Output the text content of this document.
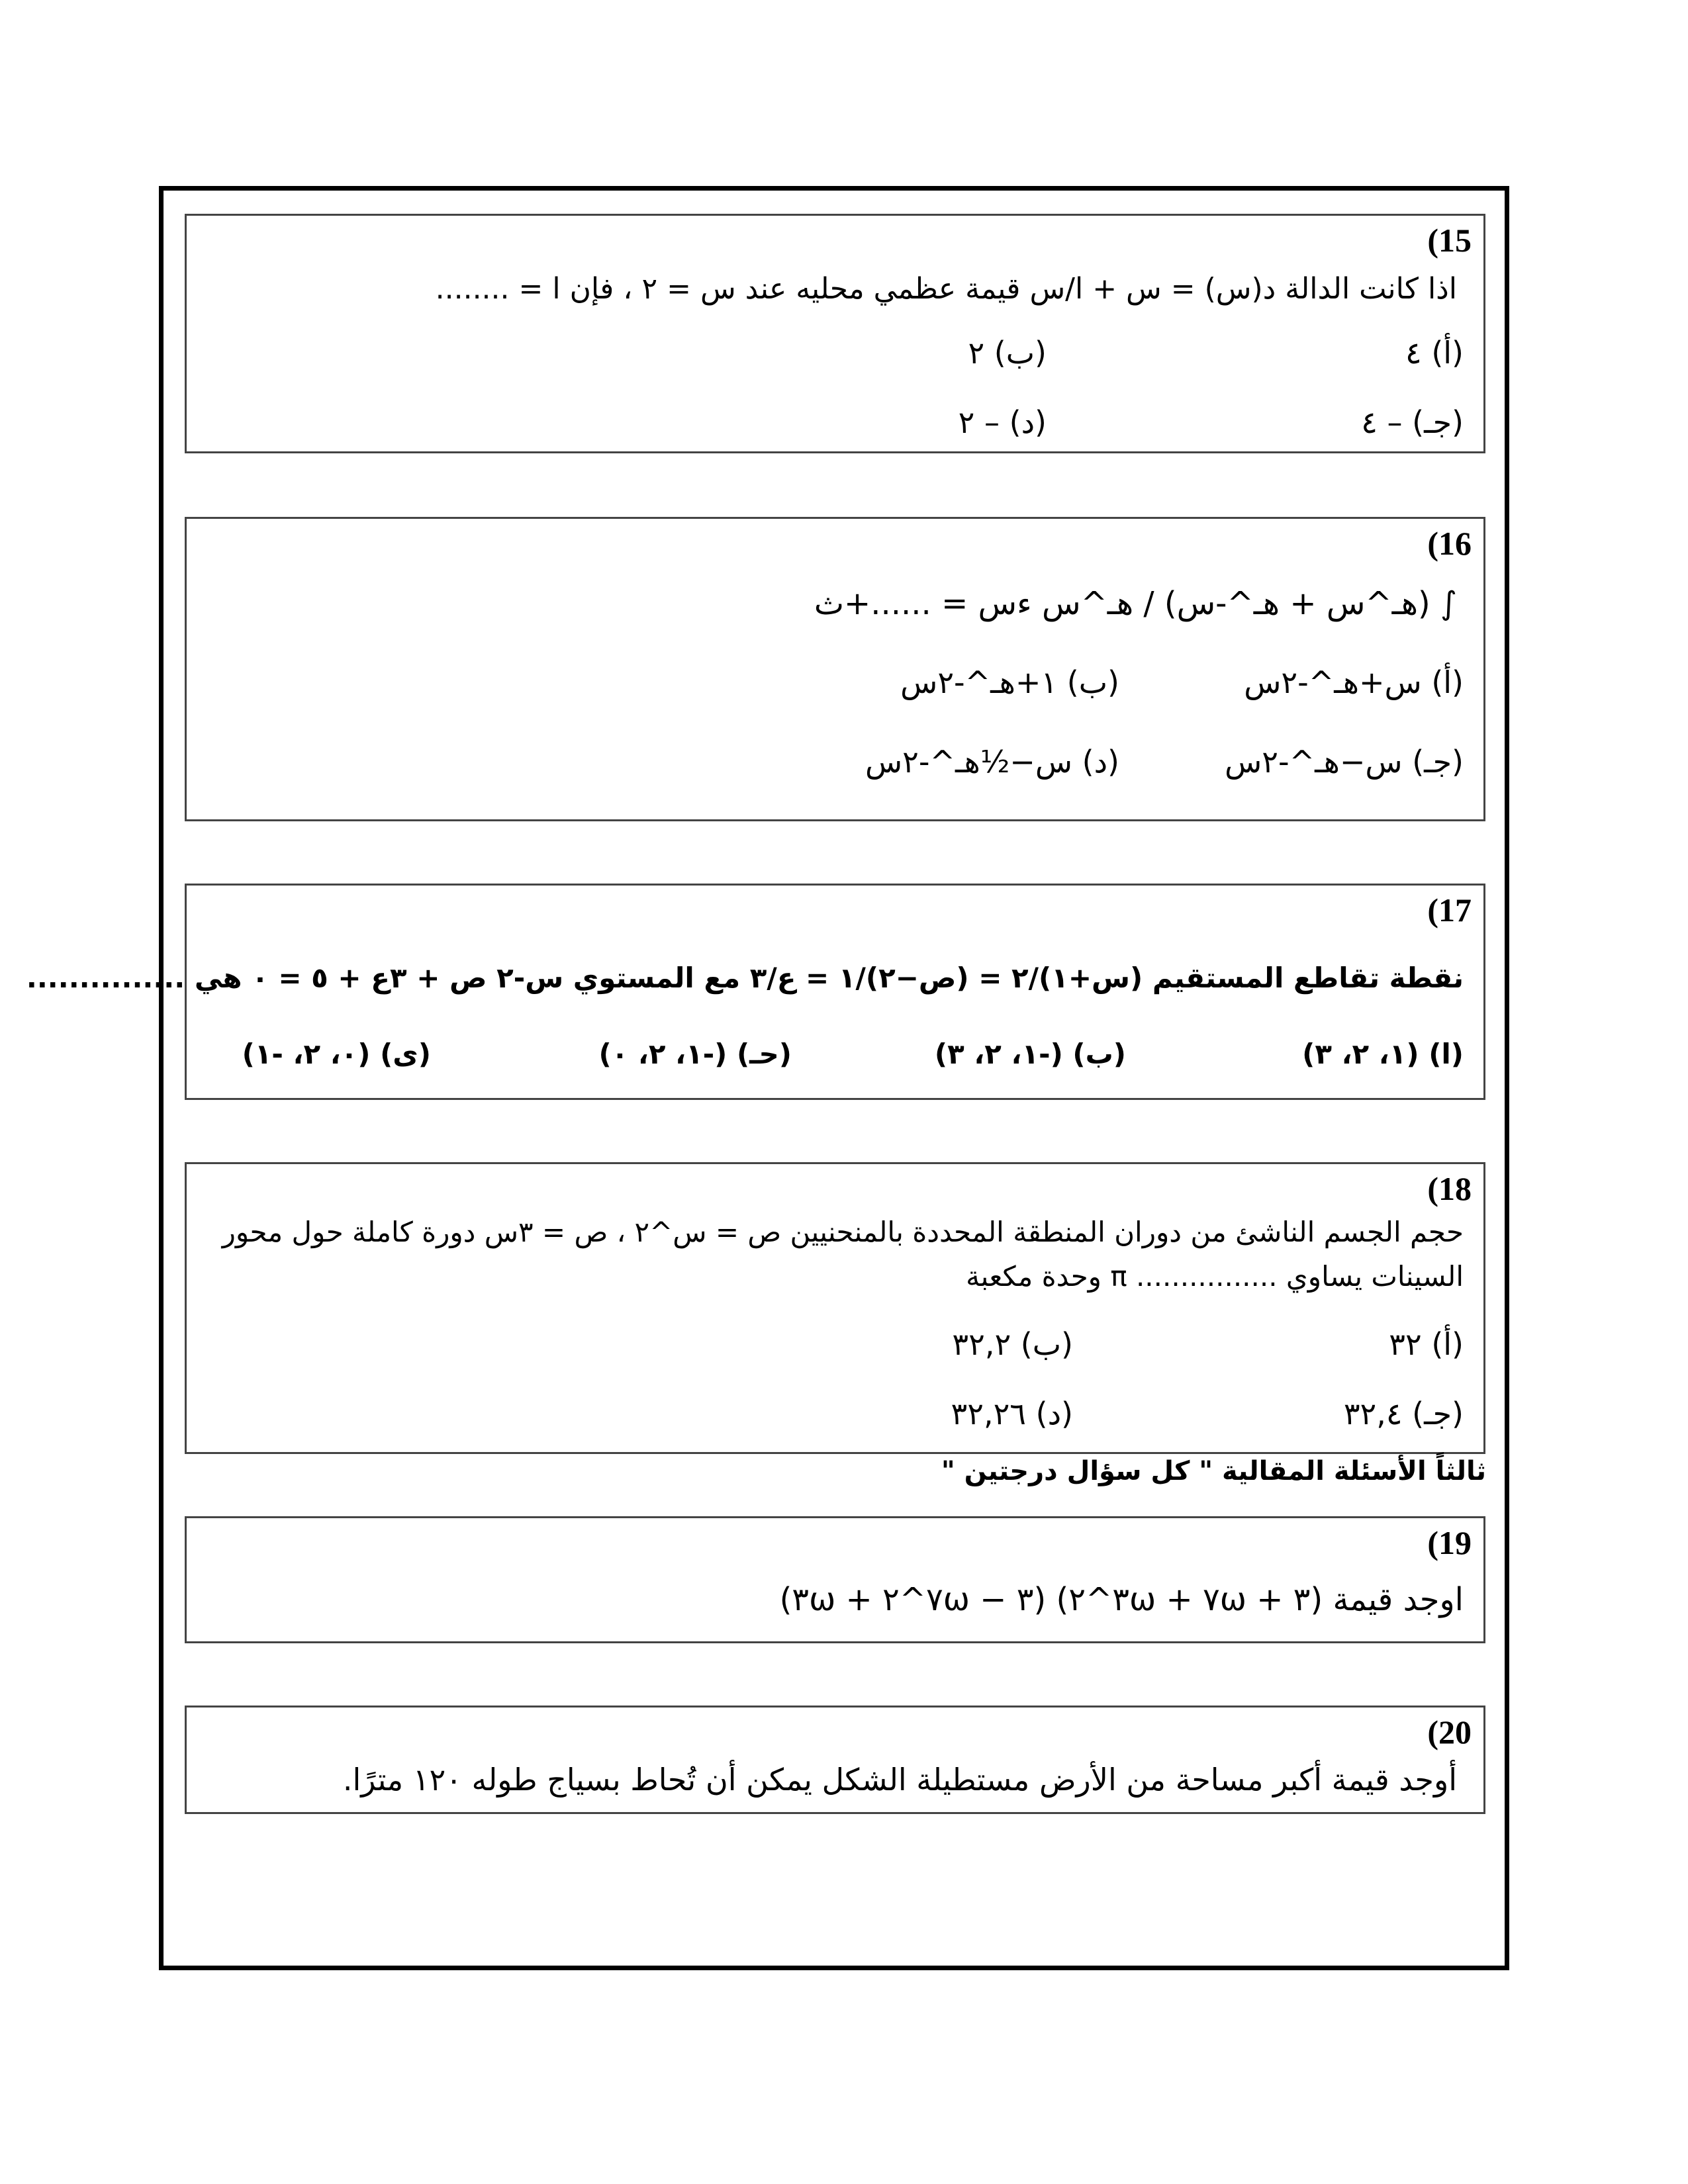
(15
اذا كانت الدالة د(س) = س + ا/س قيمة عظمي محليه عند س = ٢ ، فإن ا = ........
(أ) ٤
(ب) ٢
(جـ) – ٤
(د) – ٢
(16
∫ (هـ^س + هـ^-س) / هـ^س ءس = ......+ث
(أ) س+هـ^-٢س
(ب) ١+هـ^-٢س
(جـ) س−هـ^-٢س
(د) س−½هـ^-٢س
(17
نقطة تقاطع المستقيم (س+١)/٢ = (ص−٢)/١ = ع/٣ مع المستوي س-٢ ص + ٣ع + ٥ = ٠ هي ...............
(ا) (١، ٢، ٣)
(ب) (-١، ٢، ٣)
(حـ) (-١، ٢، ٠)
(ى) (٠، ٢، -١)
(18
حجم الجسم الناشئ من دوران المنطقة المحددة بالمنحنيين ص = س^٢ ، ص = ٣س دورة كاملة حول محور
السينات يساوي ................ π وحدة مكعبة
(أ) ٣٢
(ب) ٣٢,٢
(جـ) ٣٢,٤
(د) ٣٢,٢٦
ثالثاً الأسئلة المقالية " كل سؤال درجتين "
(19
اوجد قيمة (٣ + ٧ω + ٣ω^٢) (٣ − ٧ω^٢ + ٣ω)
(20
أوجد قيمة أكبر مساحة من الأرض مستطيلة الشكل يمكن أن تُحاط بسياج طوله ١٢٠ مترًا.
